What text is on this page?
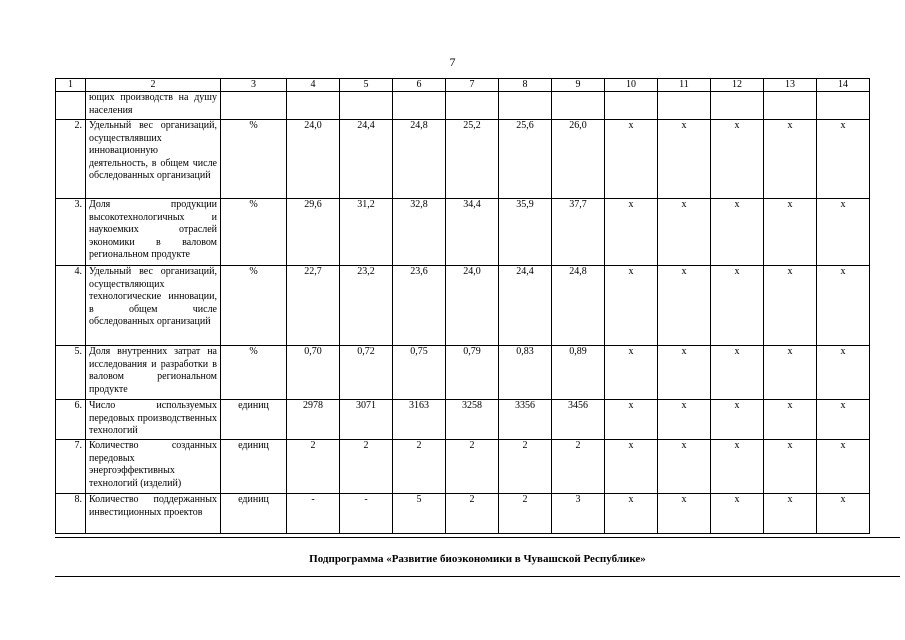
7
1	2	3	4	5	6	7	8	9	10	11	12	13	14
	ющих производств на душу населения												
2.	Удельный вес организаций, осуществлявших инновационную деятельность, в общем числе обследованных организаций	%	24,0	24,4	24,8	25,2	25,6	26,0	x	x	x	x	x
3.	Доля продукции высокотехнологичных и наукоемких отраслей экономики в валовом региональном продукте	%	29,6	31,2	32,8	34,4	35,9	37,7	x	x	x	x	x
4.	Удельный вес организаций, осуществляющих технологические инновации, в общем числе обследованных организаций	%	22,7	23,2	23,6	24,0	24,4	24,8	x	x	x	x	x
5.	Доля внутренних затрат на исследования и разработки в валовом региональном продукте	%	0,70	0,72	0,75	0,79	0,83	0,89	x	x	x	x	x
6.	Число используемых передовых производственных технологий	единиц	2978	3071	3163	3258	3356	3456	x	x	x	x	x
7.	Количество созданных передовых энергоэффективных технологий (изделий)	единиц	2	2	2	2	2	2	x	x	x	x	x
8.	Количество поддержанных инвестиционных проектов	единиц	-	-	5	2	2	3	x	x	x	x	x
Подпрограмма «Развитие биоэкономики в Чувашской Республике»
